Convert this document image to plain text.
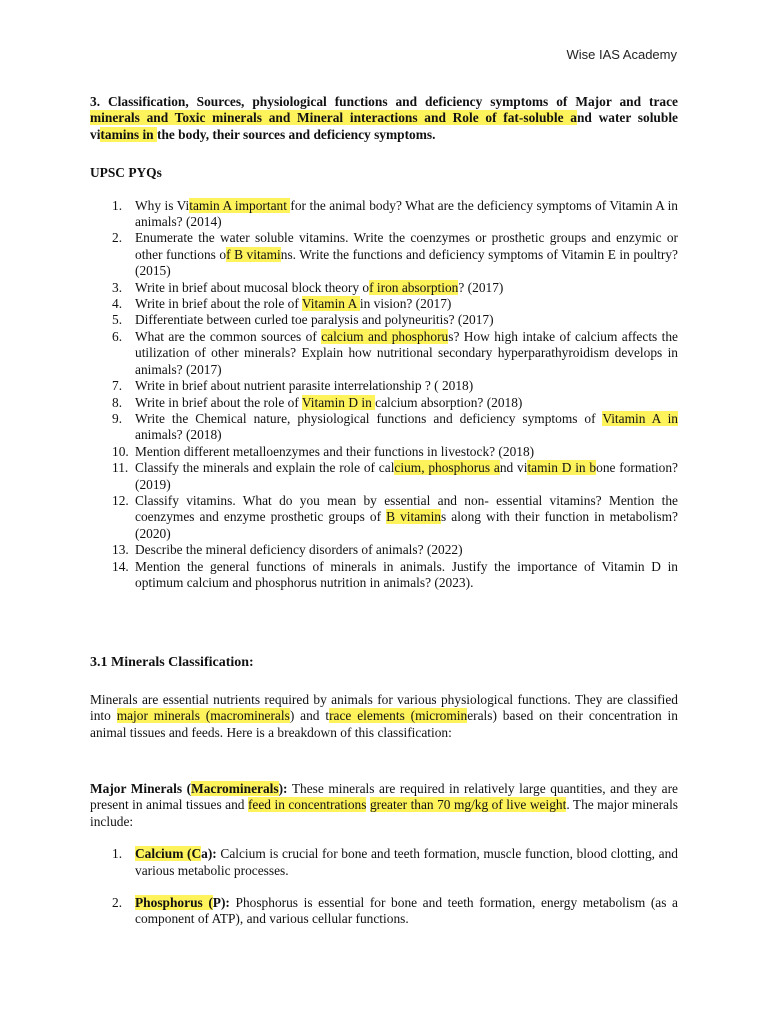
Wise IAS Academy

3. Classification, Sources, physiological functions and deficiency symptoms of Major and trace minerals and Toxic minerals and Mineral interactions and Role of fat-soluble and water soluble vitamins in the body, their sources and deficiency symptoms.

UPSC PYQs

1. Why is Vitamin A important for the animal body? What are the deficiency symptoms of Vitamin A in animals? (2014)
2. Enumerate the water soluble vitamins. Write the coenzymes or prosthetic groups and enzymic or other functions of B vitamins. Write the functions and deficiency symptoms of Vitamin E in poultry? (2015)
3. Write in brief about mucosal block theory of iron absorption? (2017)
4. Write in brief about the role of Vitamin A in vision? (2017)
5. Differentiate between curled toe paralysis and polyneuritis? (2017)
6. What are the common sources of calcium and phosphorus? How high intake of calcium affects the utilization of other minerals? Explain how nutritional secondary hyperparathyroidism develops in animals? (2017)
7. Write in brief about nutrient parasite interrelationship ? ( 2018)
8. Write in brief about the role of Vitamin D in calcium absorption? (2018)
9. Write the Chemical nature, physiological functions and deficiency symptoms of Vitamin A in animals? (2018)
10. Mention different metalloenzymes and their functions in livestock? (2018)
11. Classify the minerals and explain the role of calcium, phosphorus and vitamin D in bone formation? (2019)
12. Classify vitamins. What do you mean by essential and non- essential vitamins? Mention the coenzymes and enzyme prosthetic groups of B vitamins along with their function in metabolism? (2020)
13. Describe the mineral deficiency disorders of animals? (2022)
14. Mention the general functions of minerals in animals. Justify the importance of Vitamin D in optimum calcium and phosphorus nutrition in animals? (2023).

3.1 Minerals Classification:

Minerals are essential nutrients required by animals for various physiological functions. They are classified into major minerals (macrominerals) and trace elements (microminerals) based on their concentration in animal tissues and feeds. Here is a breakdown of this classification:

Major Minerals (Macrominerals): These minerals are required in relatively large quantities, and they are present in animal tissues and feed in concentrations greater than 70 mg/kg of live weight. The major minerals include:

1. Calcium (Ca): Calcium is crucial for bone and teeth formation, muscle function, blood clotting, and various metabolic processes.
2. Phosphorus (P): Phosphorus is essential for bone and teeth formation, energy metabolism (as a component of ATP), and various cellular functions.
